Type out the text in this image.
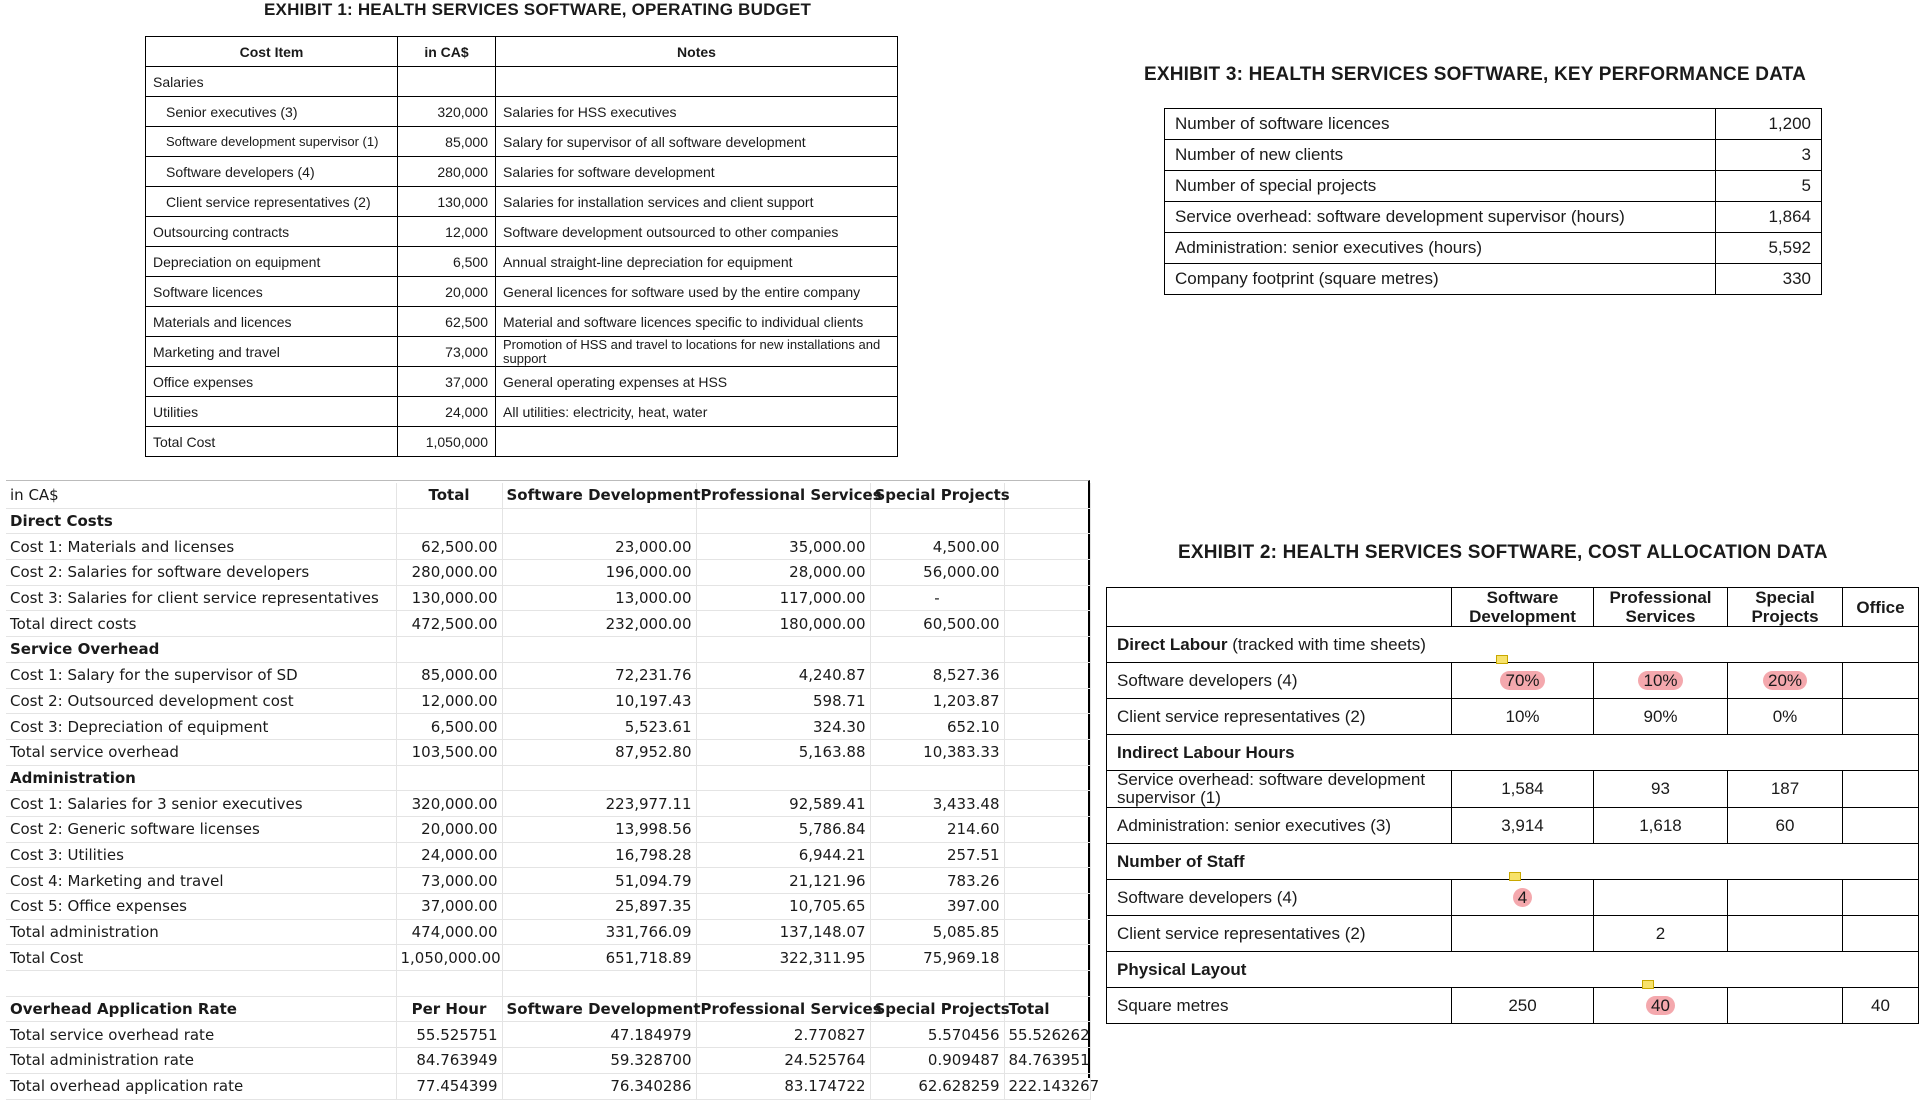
EXHIBIT 1: HEALTH SERVICES SOFTWARE, OPERATING BUDGET
Cost Item	in CA$	Notes
Salaries		
Senior executives (3)	320,000	Salaries for HSS executives
Software development supervisor (1)	85,000	Salary for supervisor of all software development
Software developers (4)	280,000	Salaries for software development
Client service representatives (2)	130,000	Salaries for installation services and client support
Outsourcing contracts	12,000	Software development outsourced to other companies
Depreciation on equipment	6,500	Annual straight-line depreciation for equipment
Software licences	20,000	General licences for software used by the entire company
Materials and licences	62,500	Material and software licences specific to individual clients
Marketing and travel	73,000	Promotion of HSS and travel to locations for new installations and support
Office expenses	37,000	General operating expenses at HSS
Utilities	24,000	All utilities: electricity, heat, water
Total Cost	1,050,000	
EXHIBIT 3: HEALTH SERVICES SOFTWARE, KEY PERFORMANCE DATA
Number of software licences	1,200
Number of new clients	3
Number of special projects	5
Service overhead: software development supervisor (hours)	1,864
Administration: senior executives (hours)	5,592
Company footprint (square metres)	330
in CA$	Total	Software Development	Professional Services	Special Projects	
Direct Costs					
Cost 1: Materials and licenses	62,500.00	23,000.00	35,000.00	4,500.00	
Cost 2: Salaries for software developers	280,000.00	196,000.00	28,000.00	56,000.00	
Cost 3: Salaries for client service representatives	130,000.00	13,000.00	117,000.00	-	
Total direct costs	472,500.00	232,000.00	180,000.00	60,500.00	
Service Overhead					
Cost 1: Salary for the supervisor of SD	85,000.00	72,231.76	4,240.87	8,527.36	
Cost 2: Outsourced development cost	12,000.00	10,197.43	598.71	1,203.87	
Cost 3: Depreciation of equipment	6,500.00	5,523.61	324.30	652.10	
Total service overhead	103,500.00	87,952.80	5,163.88	10,383.33	
Administration					
Cost 1: Salaries for 3 senior executives	320,000.00	223,977.11	92,589.41	3,433.48	
Cost 2: Generic software licenses	20,000.00	13,998.56	5,786.84	214.60	
Cost 3: Utilities	24,000.00	16,798.28	6,944.21	257.51	
Cost 4: Marketing and travel	73,000.00	51,094.79	21,121.96	783.26	
Cost 5: Office expenses	37,000.00	25,897.35	10,705.65	397.00	
Total administration	474,000.00	331,766.09	137,148.07	5,085.85	
Total Cost	1,050,000.00	651,718.89	322,311.95	75,969.18	

Overhead Application Rate	Per Hour	Software Development	Professional Services	Special Projects	Total
Total service overhead rate	55.525751	47.184979	2.770827	5.570456	55.526262
Total administration rate	84.763949	59.328700	24.525764	0.909487	84.763951
Total overhead application rate	77.454399	76.340286	83.174722	62.628259	222.143267
EXHIBIT 2: HEALTH SERVICES SOFTWARE, COST ALLOCATION DATA
	Software Development	Professional Services	Special Projects	Office
Direct Labour (tracked with time sheets)				
Software developers (4)	70%	10%	20%	
Client service representatives (2)	10%	90%	0%	
Indirect Labour Hours				
Service overhead: software development supervisor (1)	1,584	93	187	
Administration: senior executives (3)	3,914	1,618	60	
Number of Staff				
Software developers (4)	4			
Client service representatives (2)		2		
Physical Layout				
Square metres	250	40		40
